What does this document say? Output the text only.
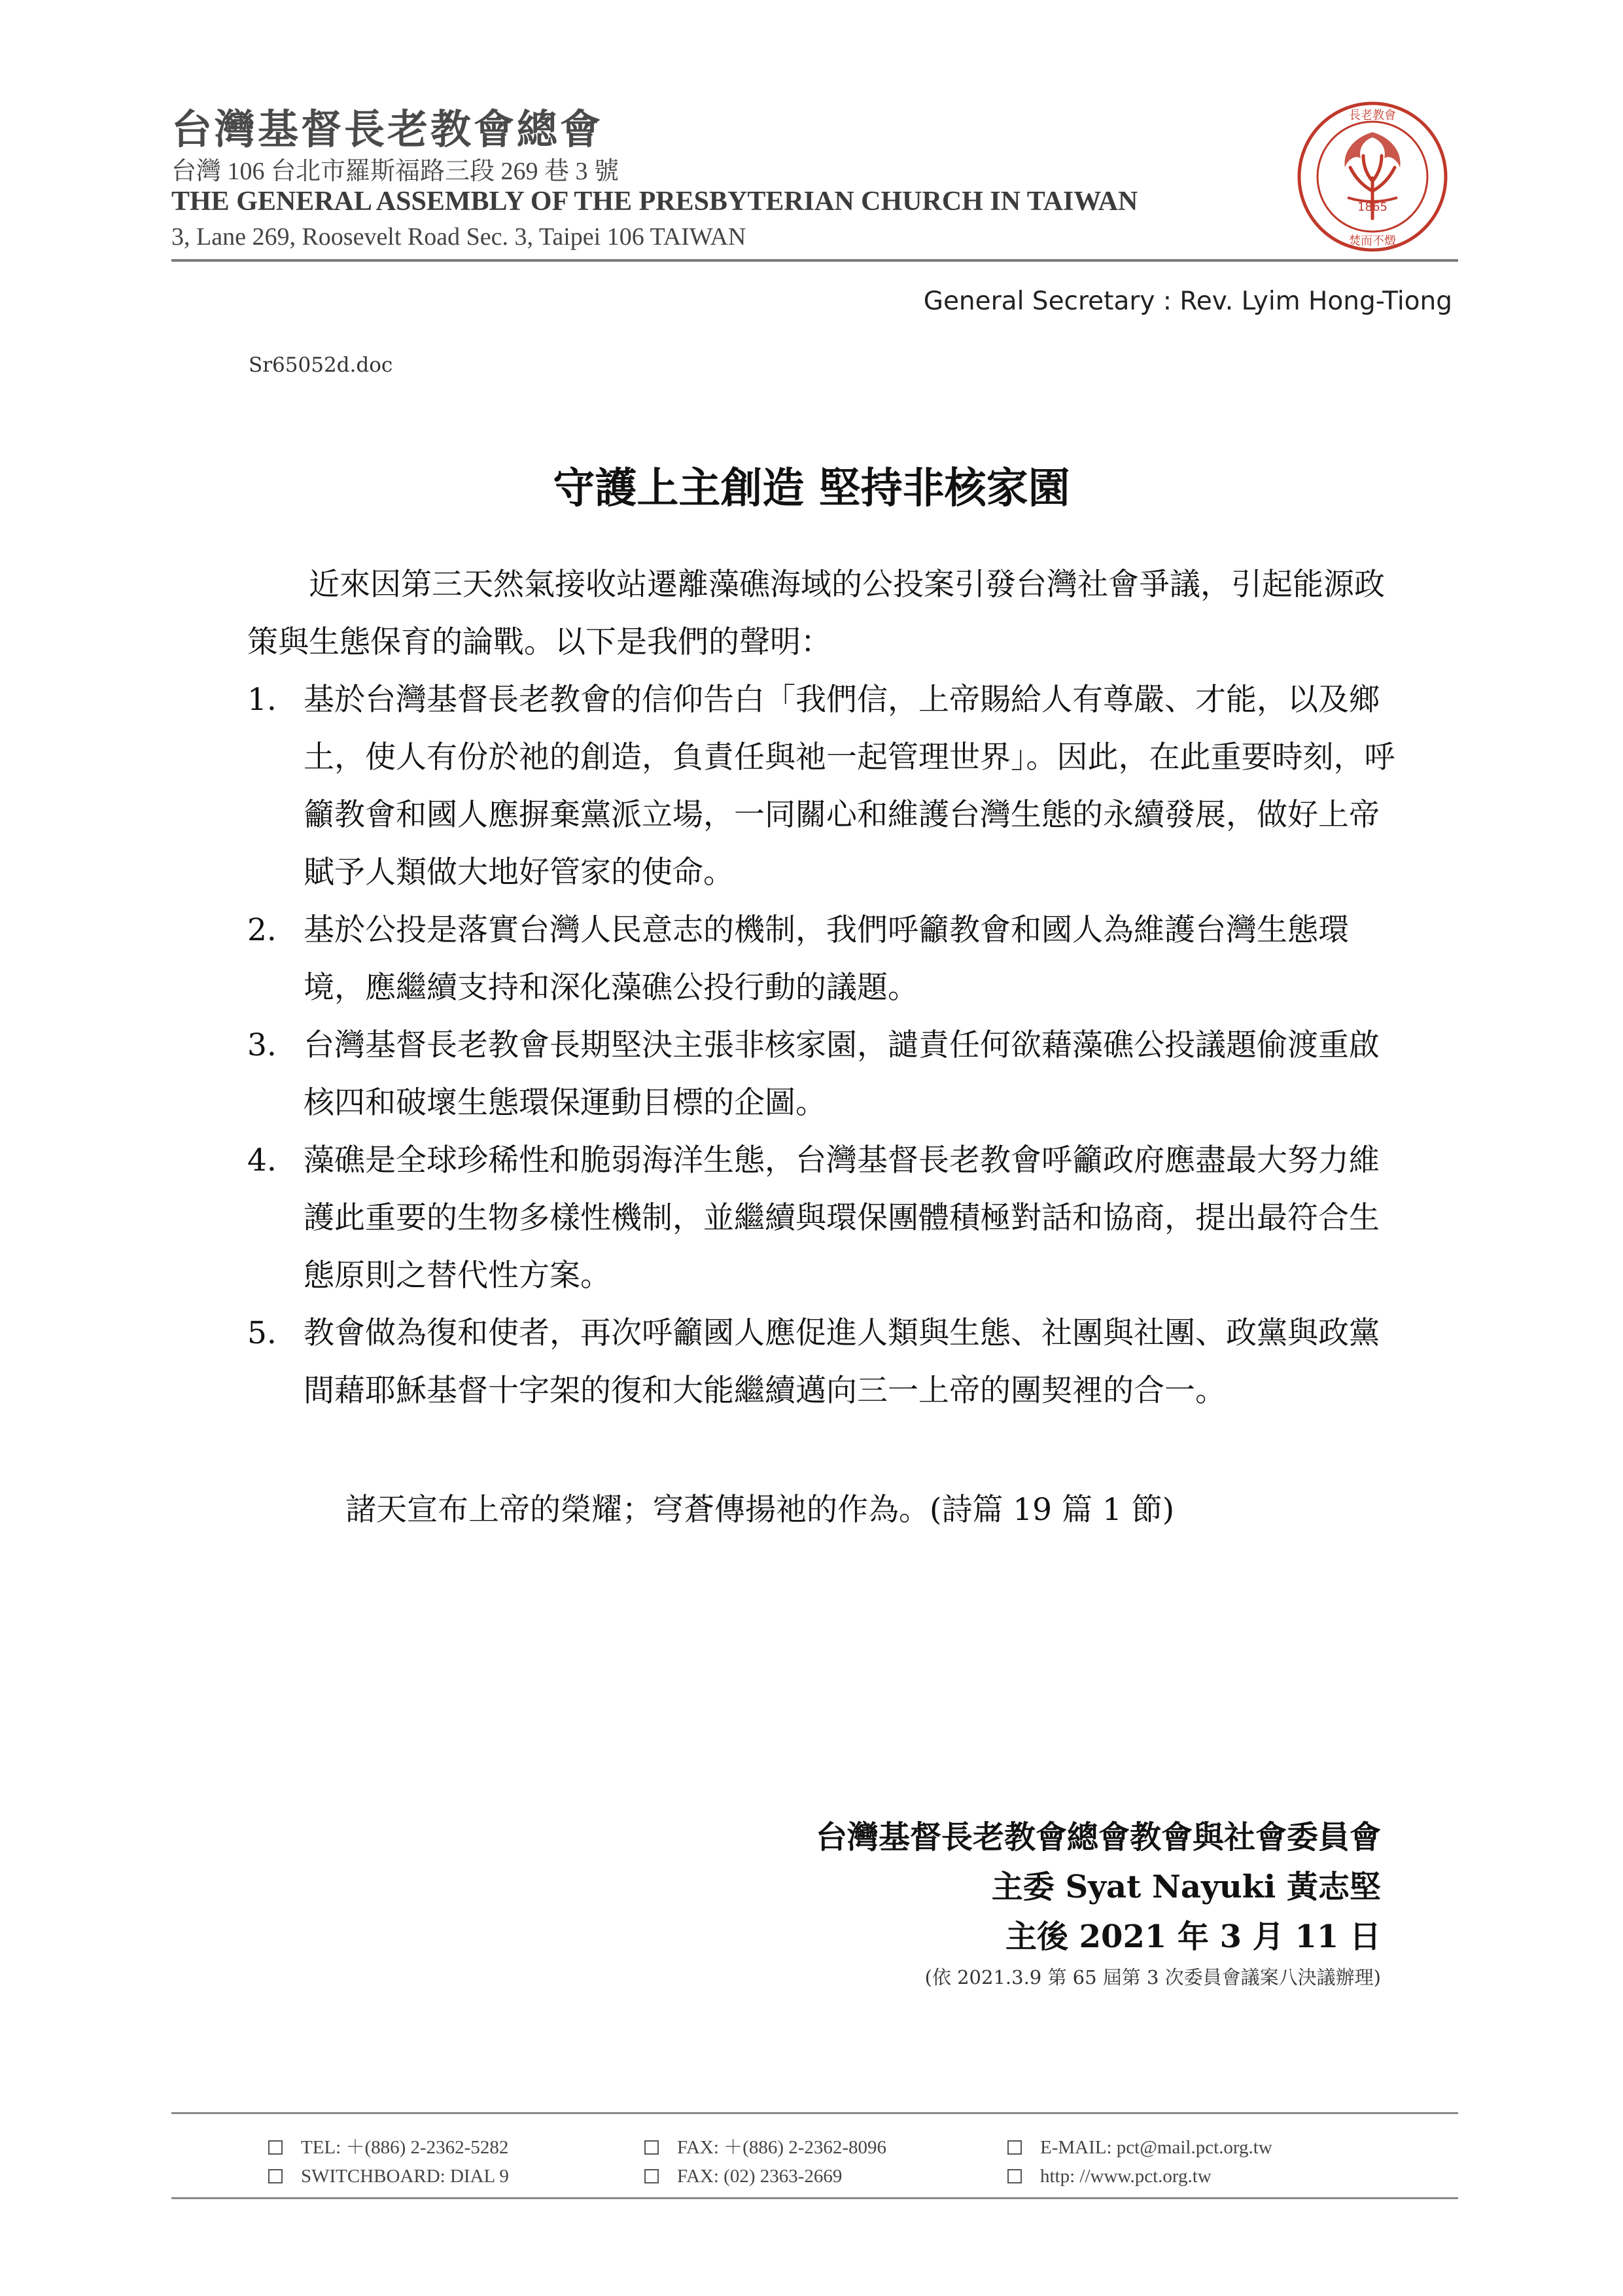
台灣基督長老教會總會
台灣 106 台北市羅斯福路三段 269 巷 3 號
THE GENERAL ASSEMBLY OF THE PRESBYTERIAN CHURCH IN TAIWAN
3, Lane 269, Roosevelt Road Sec. 3, Taipei 106 TAIWAN
1865
長老教會
焚而不燬
General Secretary : Rev. Lyim Hong-Tiong
Sr65052d.doc
守護上主創造 堅持非核家園

近來因第三天然氣接收站遷離藻礁海域的公投案引發台灣社會爭議，引起能源政策與生態保育的論戰。以下是我們的聲明：

1. 基於台灣基督長老教會的信仰告白「我們信，上帝賜給人有尊嚴、才能，以及鄉土，使人有份於祂的創造，負責任與祂一起管理世界」。因此，在此重要時刻，呼籲教會和國人應摒棄黨派立場，一同關心和維護台灣生態的永續發展，做好上帝賦予人類做大地好管家的使命。
2. 基於公投是落實台灣人民意志的機制，我們呼籲教會和國人為維護台灣生態環境，應繼續支持和深化藻礁公投行動的議題。
3. 台灣基督長老教會長期堅決主張非核家園，譴責任何欲藉藻礁公投議題偷渡重啟核四和破壞生態環保運動目標的企圖。
4. 藻礁是全球珍稀性和脆弱海洋生態，台灣基督長老教會呼籲政府應盡最大努力維護此重要的生物多樣性機制，並繼續與環保團體積極對話和協商，提出最符合生態原則之替代性方案。
5. 教會做為復和使者，再次呼籲國人應促進人類與生態、社團與社團、政黨與政黨間藉耶穌基督十字架的復和大能繼續邁向三一上帝的團契裡的合一。

諸天宣布上帝的榮耀；穹蒼傳揚祂的作為。(詩篇 19 篇 1 節)

台灣基督長老教會總會教會與社會委員會
主委 Syat Nayuki 黃志堅
主後 2021 年 3 月 11 日
(依 2021.3.9 第 65 屆第 3 次委員會議案八決議辦理)
TEL: ＋(886) 2-2362-5282
SWITCHBOARD: DIAL 9
FAX: ＋(886) 2-2362-8096
FAX: (02) 2363-2669
E-MAIL: pct@mail.pct.org.tw
http: //www.pct.org.tw
